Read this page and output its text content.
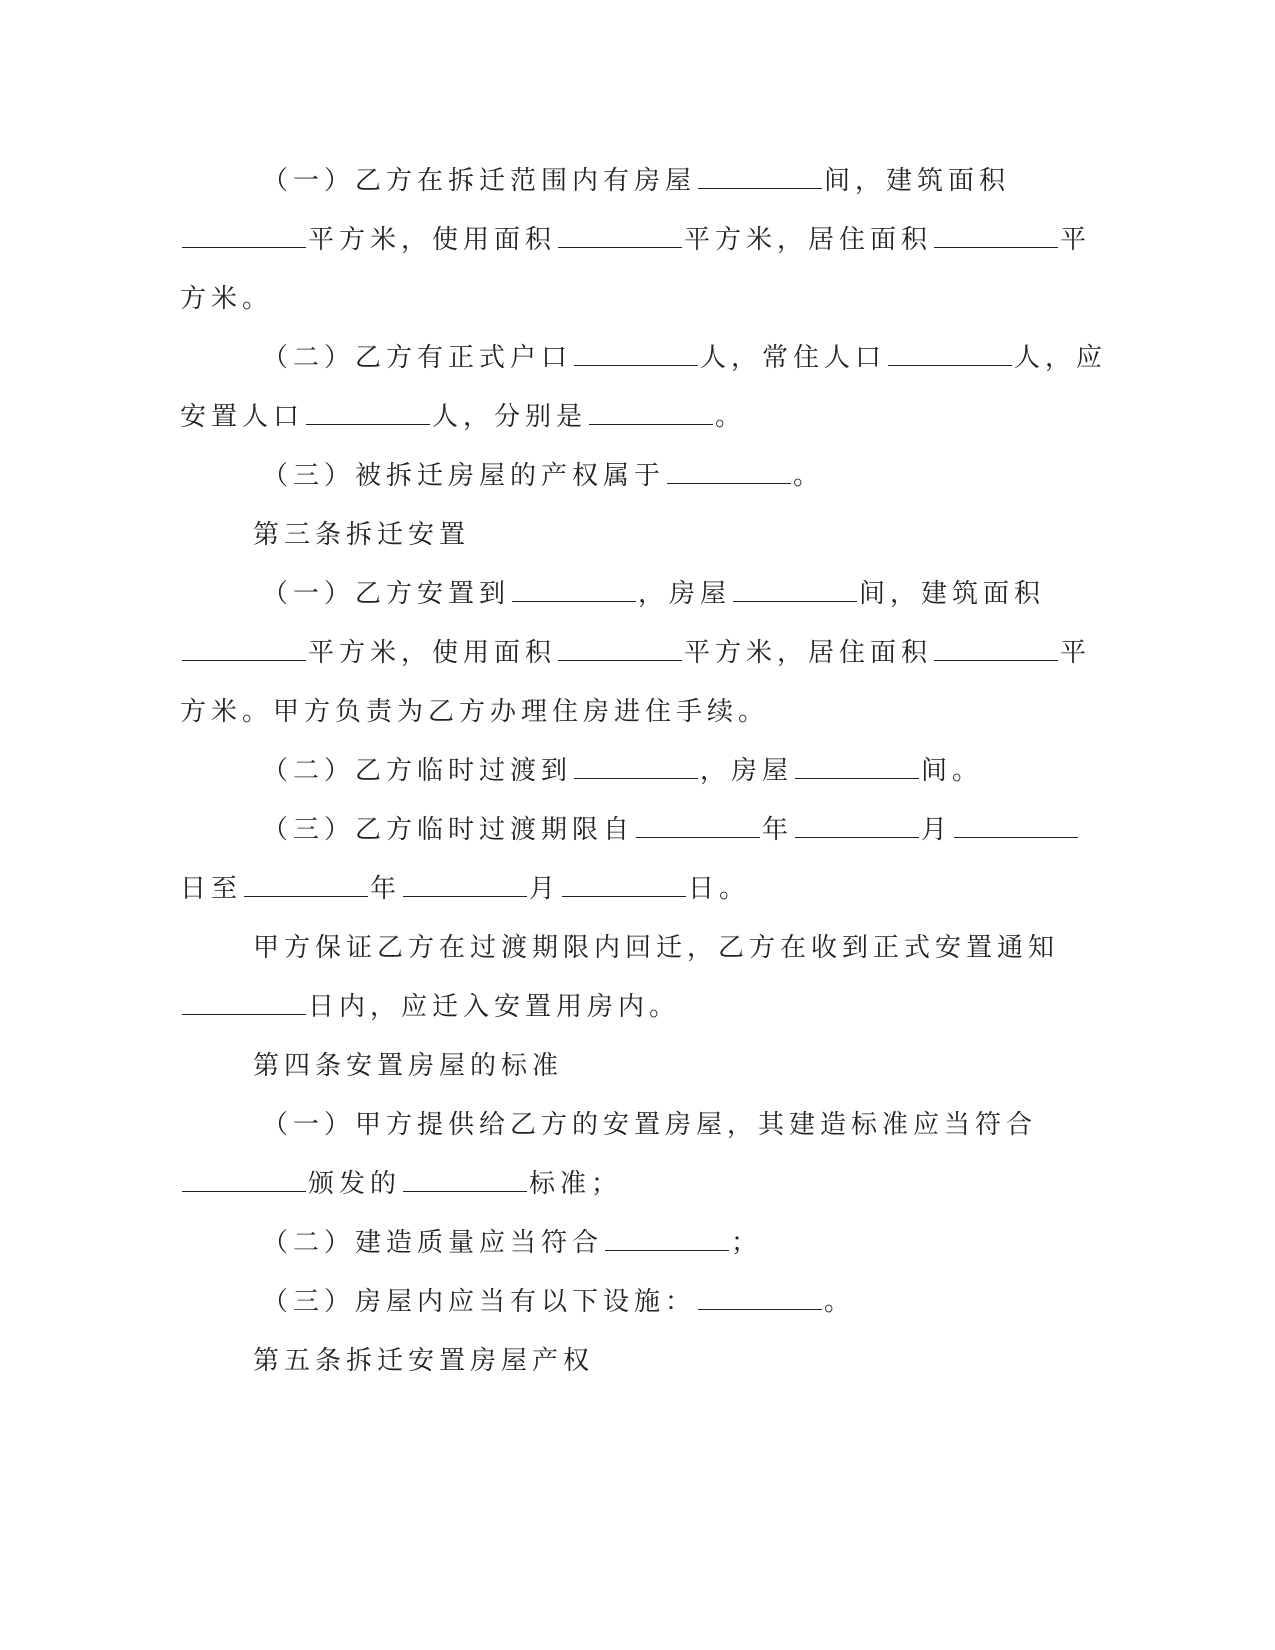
（一）乙方在拆迁范围内有房屋	间，建筑面积
平方米，使用面积	平方米，居住面积	平
方米。
（二）乙方有正式户口	人，常住人口	人，应
安置人口	人，分别是	。
（三）被拆迁房屋的产权属于	。
第三条拆迁安置
（一）乙方安置到	，房屋	间，建筑面积
平方米，使用面积	平方米，居住面积	平
方米。甲方负责为乙方办理住房进住手续。
（二）乙方临时过渡到	，房屋	间。
（三）乙方临时过渡期限自	年	月
日至	年	月	日。
甲方保证乙方在过渡期限内回迁，乙方在收到正式安置通知
日内，应迁入安置用房内。
第四条安置房屋的标准
（一）甲方提供给乙方的安置房屋，其建造标准应当符合
颁发的	标准；
（二）建造质量应当符合	；
（三）房屋内应当有以下设施：	。
第五条拆迁安置房屋产权
